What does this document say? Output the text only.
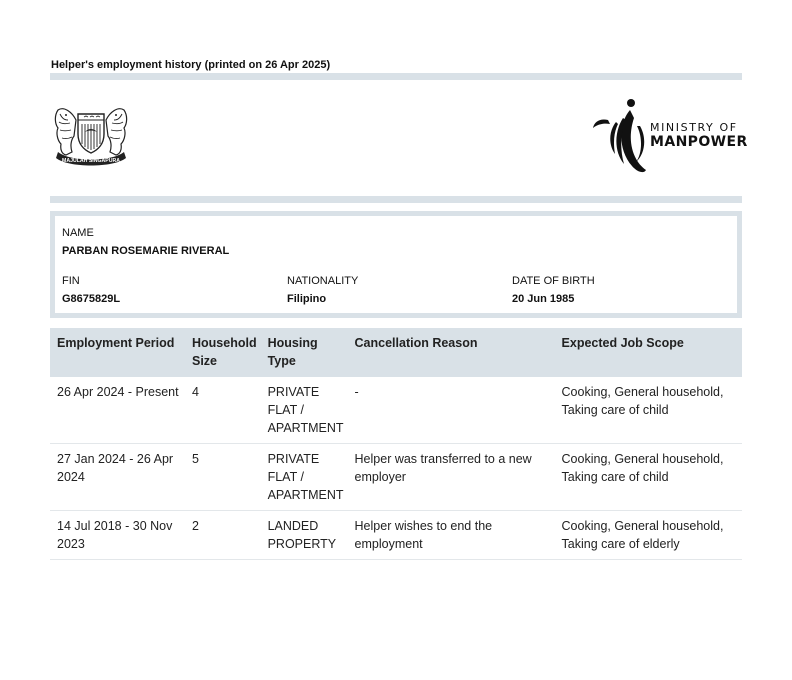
Helper's employment history (printed on 26 Apr 2025)
MAJULAH SINGAPURA
MINISTRY OF
MANPOWER
NAME
PARBAN ROSEMARIE RIVERAL
FIN
G8675829L
NATIONALITY
Filipino
DATE OF BIRTH
20 Jun 1985
Employment Period	Household Size	Housing Type	Cancellation Reason	Expected Job Scope
26 Apr 2024 - Present	4	PRIVATE FLAT / APARTMENT	-	Cooking, General household, Taking care of child
27 Jan 2024 - 26 Apr 2024	5	PRIVATE FLAT / APARTMENT	Helper was transferred to a new employer	Cooking, General household, Taking care of child
14 Jul 2018 - 30 Nov 2023	2	LANDED PROPERTY	Helper wishes to end the employment	Cooking, General household, Taking care of elderly
